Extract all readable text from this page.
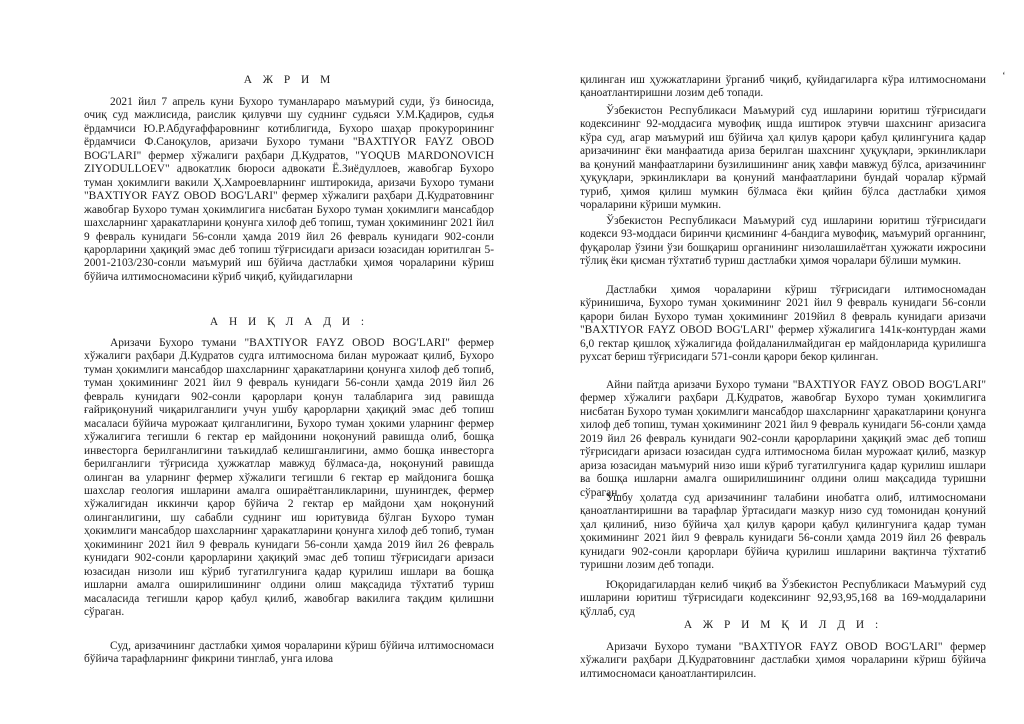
А Ж Р И М

2021 йил 7 апрель куни Бухоро туманлараро маъмурий суди, ўз биносида, очиқ суд мажлисида, раислик қилувчи шу суднинг судьяси У.М.Қадиров, судья ёрдамчиси Ю.Р.Абдуғаффаровнинг котиблигида, Бухоро шаҳар прокурорининг ёрдамчиси Ф.Саноқулов, аризачи Бухоро тумани "BAXTIYOR FAYZ OBOD BOG'LARI" фермер хўжалиги раҳбари Д.Кудратов, "YOQUB MARDONOVICH ZIYODULLOEV" адвокатлик бюроси адвокати Ё.Зиёдуллоев, жавобгар Бухоро туман ҳокимлиги вакили Ҳ.Хамроевларнинг иштирокида, аризачи Бухоро тумани "BAXTIYOR FAYZ OBOD BOG'LARI" фермер хўжалиги раҳбари Д.Кудратовнинг жавобгар Бухоро туман ҳокимлигига нисбатан Бухоро туман ҳокимлиги мансабдор шахсларнинг ҳаракатларини қонунга хилоф деб топиш, туман ҳокимининг 2021 йил 9 февраль кунидаги 56-сонли ҳамда 2019 йил 26 февраль кунидаги 902-сонли қарорларини ҳақиқий эмас деб топиш тўғрисидаги аризаси юзасидан юритилган 5-2001-2103/230-сонли маъмурий иш бўйича дастлабки ҳимоя чораларини кўриш бўйича илтимосномасини кўриб чиқиб, қуйидагиларни

А Н И Қ Л А Д И :

Аризачи Бухоро тумани "BAXTIYOR FAYZ OBOD BOG'LARI" фермер хўжалиги раҳбари Д.Кудратов судга илтимосномa билан мурожаат қилиб, Бухоро туман ҳокимлиги мансабдор шахсларнинг ҳаракатларини қонунга хилоф деб топиб, туман ҳокимининг 2021 йил 9 февраль кунидаги 56-сонли ҳамда 2019 йил 26 февраль кунидаги 902-сонли қарорлари қонун талабларига зид равишда ғайриқонуний чиқарилганлиги учун ушбу қарорларни ҳақиқий эмас деб топиш масаласи бўйича мурожаат қилганлигини, Бухоро туман ҳокими уларнинг фермер хўжалигига тегишли 6 гектар ер майдонини ноқонуний равишда олиб, бошқа инвесторга берилганлигини таъкидлаб келишганлигини, аммо бошқа инвесторга берилганлиги тўғрисида ҳужжатлар мавжуд бўлмаса-да, ноқонуний равишда олинган ва уларнинг фермер хўжалиги тегишли 6 гектар ер майдонига бошқа шахслар геология ишларини амалга оширaётганликларини, шунингдек, фермер хўжалигидан иккинчи қарор бўйича 2 гектар ер майдони ҳам ноқонуний олинганлигини, шу сабабли суднинг иш юритувида бўлган Бухоро туман ҳокимлиги мансабдор шахсларнинг ҳаракатларини қонунга хилоф деб топиб, туман ҳокимининг 2021 йил 9 февраль кунидаги 56-сонли ҳамда 2019 йил 26 февраль кунидаги 902-сонли қарорларини ҳақиқий эмас деб топиш тўғрисидаги аризаси юзасидан низоли иш кўриб тугатилгунига қадар қурилиш ишлари ва бошқа ишларни амалга оширилишининг олдини олиш мақсадида тўхтатиб туриш масаласида тегишли қарор қабул қилиб, жавобгар вакилига тақдим қилишни сўраган.

Суд, аризачининг дастлабки ҳимоя чораларини кўриш бўйича илтимосномаси бўйича тарафларнинг фикрини тинглаб, унга илова

қилинган иш ҳужжатларини ўрганиб чиқиб, қуйидагиларга кўра илтимосномани қаноатлантиришни лозим деб топади.

Ўзбекистон Республикаси Маъмурий суд ишларини юритиш тўғрисидаги кодексининг 92-моддасига мувофиқ ишда иштирок этувчи шахснинг аризасига кўра суд, агар маъмурий иш бўйича ҳал қилув қарори қабул қилингунига қадар аризачининг ёки манфаатида ариза берилган шахснинг ҳуқуқлари, эркинликлари ва қонуний манфаатларини бузилишининг аниқ хавфи мавжуд бўлса, аризачининг ҳуқуқлари, эркинликлари ва қонуний манфаатларини бундай чоралар кўрмай туриб, ҳимоя қилиш мумкин бўлмаса ёки қийин бўлса дастлабки ҳимоя чораларини кўриши мумкин.

Ўзбекистон Республикаси Маъмурий суд ишларини юритиш тўғрисидаги кодекси 93-моддаси биринчи қисмининг 4-бандига мувофиқ, маъмурий органнинг, фуқаролар ўзини ўзи бошқариш органининг низолашилаётган ҳужжати ижросини тўлиқ ёки қисман тўхтатиб туриш дастлабки ҳимоя чоралари бўлиши мумкин.

Дастлабки ҳимоя чораларини кўриш тўғрисидаги илтимосномадан кўринишича, Бухоро туман ҳокимининг 2021 йил 9 февраль кунидаги 56-сонли қарори билан Бухоро туман ҳокимининг 2019йил 8 февраль кунидаги аризачи "BAXTIYOR FAYZ OBOD BOG'LARI" фермер хўжалигига 141к-контурдан жами 6,0 гектар қишлоқ хўжалигида фойдаланилмайдиган ер майдонларида қурилишга рухсат бериш тўғрисидаги 571-сонли қарори бекор қилинган.

Айни пайтда аризачи Бухоро тумани "BAXTIYOR FAYZ OBOD BOG'LARI" фермер хўжалиги раҳбари Д.Кудратов, жавобгар Бухоро туман ҳокимлигига нисбатан Бухоро туман ҳокимлиги мансабдор шахсларнинг ҳаракатларини қонунга хилоф деб топиш, туман ҳокимининг 2021 йил 9 февраль кунидаги 56-сонли ҳамда 2019 йил 26 февраль кунидаги 902-сонли қарорларини ҳақиқий эмас деб топиш тўғрисидаги аризаси юзасидан судга илтимосномa билан мурожаат қилиб, мазкур ариза юзасидан маъмурий низо иши кўриб тугатилгунига қадар қурилиш ишлари ва бошқа ишларни амалга оширилишининг олдини олиш мақсадида туришни сўраган.

Ушбу ҳолатда суд аризачининг талабини инобатга олиб, илтимосномани қаноатлантиришни ва тарафлар ўртасидаги мазкур низо суд томонидан қонуний ҳал қилиниб, низо бўйича ҳал қилув қарори қабул қилингунига қадар туман ҳокимининг 2021 йил 9 февраль кунидаги 56-сонли ҳамда 2019 йил 26 февраль кунидаги 902-сонли қарорлари бўйича қурилиш ишларини вақтинча тўхтатиб туришни лозим деб топади.

Юқоридагилардан келиб чиқиб ва Ўзбекистон Республикаси Маъмурий суд ишларини юритиш тўғрисидаги кодексининг 92,93,95,168 ва 169-моддаларини қўллаб, суд

А Ж Р И М Қ И Л Д И :

Аризачи Бухоро тумани "BAXTIYOR FAYZ OBOD BOG'LARI" фермер хўжалиги раҳбари Д.Кудратовнинг дастлабки ҳимоя чораларини кўриш бўйича илтимосномаси қаноатлантирилсин.

‘
